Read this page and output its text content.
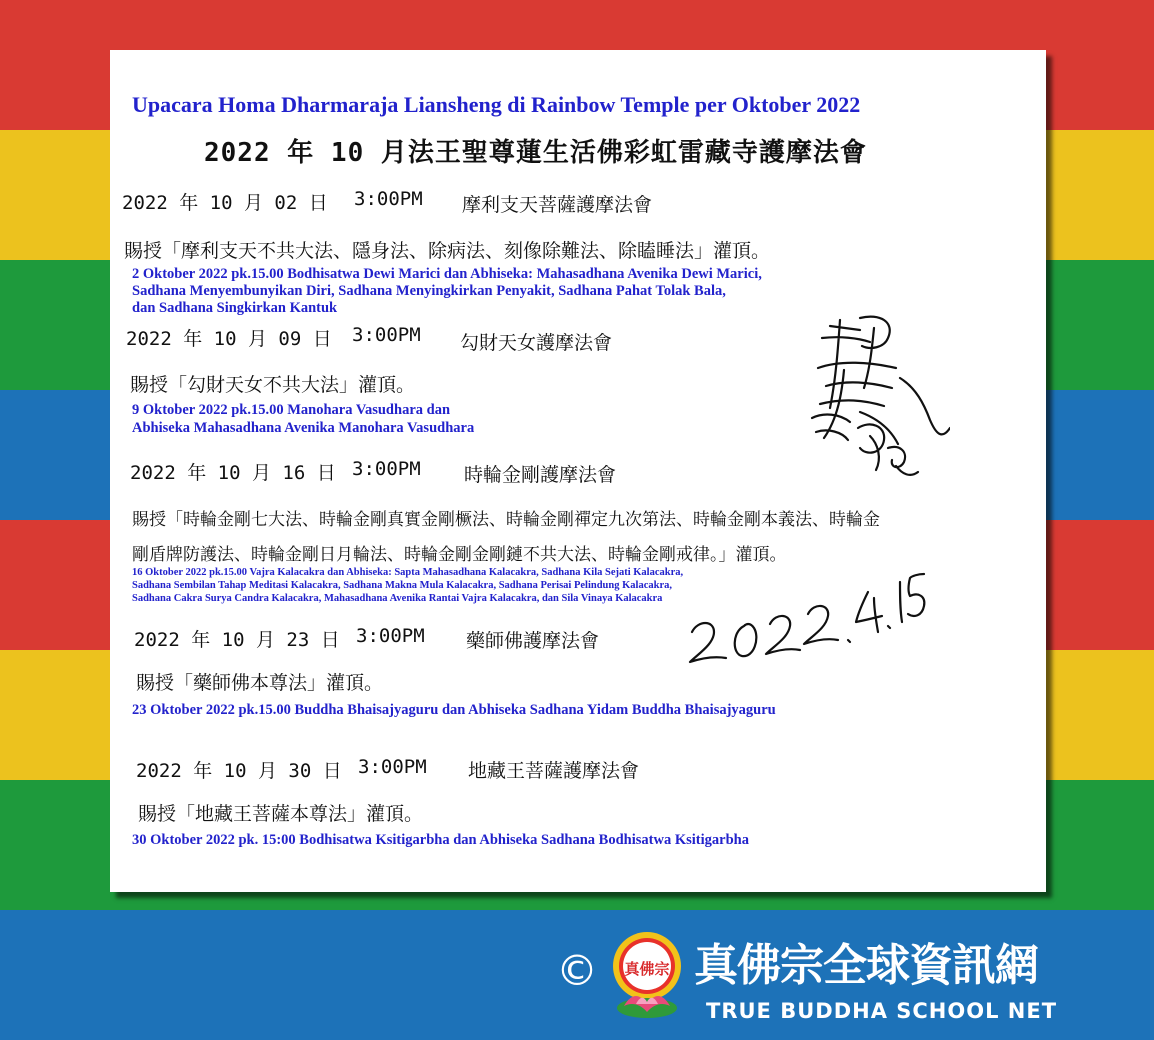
Upacara Homa Dharmaraja Liansheng di Rainbow Temple per Oktober 2022
2022 年 10 月法王聖尊蓮生活佛彩虹雷藏寺護摩法會
2022 年 10 月 02 日 3:00PM 摩利支天菩薩護摩法會
賜授「摩利支天不共大法、隱身法、除病法、刻像除難法、除瞌睡法」灌頂。
2 Oktober 2022 pk.15.00 Bodhisatwa Dewi Marici dan Abhiseka: Mahasadhana Avenika Dewi Marici,
Sadhana Menyembunyikan Diri, Sadhana Menyingkirkan Penyakit, Sadhana Pahat Tolak Bala,
dan Sadhana Singkirkan Kantuk
2022 年 10 月 09 日 3:00PM 勾財天女護摩法會
賜授「勾財天女不共大法」灌頂。
9 Oktober 2022 pk.15.00 Manohara Vasudhara dan
Abhiseka Mahasadhana Avenika Manohara Vasudhara
2022 年 10 月 16 日 3:00PM 時輪金剛護摩法會
賜授「時輪金剛七大法、時輪金剛真實金剛橛法、時輪金剛禪定九次第法、時輪金剛本義法、時輪金
剛盾牌防護法、時輪金剛日月輪法、時輪金剛金剛鏈不共大法、時輪金剛戒律。」灌頂。
16 Oktober 2022 pk.15.00 Vajra Kalacakra dan Abhiseka: Sapta Mahasadhana Kalacakra, Sadhana Kila Sejati Kalacakra,
Sadhana Sembilan Tahap Meditasi Kalacakra, Sadhana Makna Mula Kalacakra, Sadhana Perisai Pelindung Kalacakra,
Sadhana Cakra Surya Candra Kalacakra, Mahasadhana Avenika Rantai Vajra Kalacakra, dan Sila Vinaya Kalacakra
2022 年 10 月 23 日 3:00PM 藥師佛護摩法會
賜授「藥師佛本尊法」灌頂。
23 Oktober 2022 pk.15.00 Buddha Bhaisajyaguru dan Abhiseka Sadhana Yidam Buddha Bhaisajyaguru
2022 年 10 月 30 日 3:00PM 地藏王菩薩護摩法會
賜授「地藏王菩薩本尊法」灌頂。
30 Oktober 2022 pk. 15:00 Bodhisatwa Ksitigarbha dan Abhiseka Sadhana Bodhisatwa Ksitigarbha
© 真佛宗 真佛宗全球資訊網
TRUE BUDDHA SCHOOL NET
